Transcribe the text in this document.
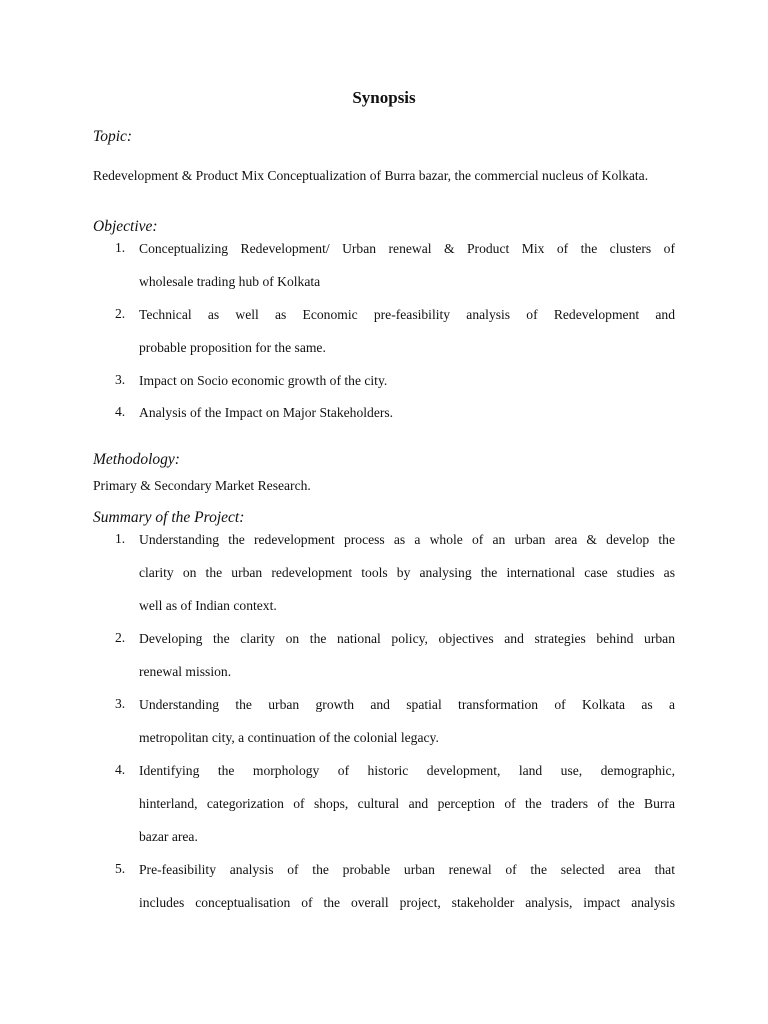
Synopsis
Topic:
Redevelopment & Product Mix Conceptualization of Burra bazar, the commercial nucleus of Kolkata.
Objective:
1.	Conceptualizing Redevelopment/ Urban renewal & Product Mix of the clusters of
wholesale trading hub of Kolkata
2.	Technical as well as Economic pre-feasibility analysis of Redevelopment and
probable proposition for the same.
3.	Impact on Socio economic growth of the city.
4.	Analysis of the Impact on Major Stakeholders.
Methodology:
Primary & Secondary Market Research.
Summary of the Project:
1.	Understanding the redevelopment process as a whole of an urban area & develop the
clarity on the urban redevelopment tools by analysing the international case studies as
well as of Indian context.
2.	Developing the clarity on the national policy, objectives and strategies behind urban
renewal mission.
3.	Understanding the urban growth and spatial transformation of Kolkata as a
metropolitan city, a continuation of the colonial legacy.
4.	Identifying the morphology of historic development, land use, demographic,
hinterland, categorization of shops, cultural and perception of the traders of the Burra
bazar area.
5.	Pre-feasibility analysis of the probable urban renewal of the selected area that
includes conceptualisation of the overall project, stakeholder analysis, impact analysis
